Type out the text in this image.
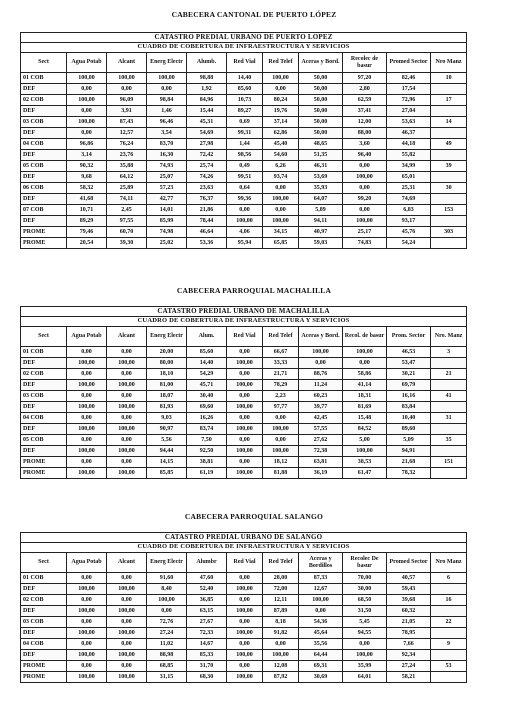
CABECERA CANTONAL DE PUERTO LÓPEZ
CATASTRO PREDIAL URBANO DE PUERTO LOPEZ										
CUADRO DE COBERTURA DE INFRAESTRUCTURA Y SERVICIOS										
Sect	Agua Potab	Alcant	Energ Electr	Alumb.	Red Vial	Red Telef	Aceras y Bord.	Recolec de basur	Promed Sector	Nro Manz
01 COB	100,00	100,00	100,00	98,88	14,40	100,00	50,00	97,20	82,46	10
DEF	0,00	0,00	0,00	1,92	85,60	0,00	50,00	2,80	17,54	
02 COB	100,00	96,09	98,84	84,96	10,73	80,24	50,00	62,59	72,96	17
DEF	0,00	3,91	1,46	15,44	89,27	19,76	50,00	37,41	27,04	
03 COB	100,00	87,43	96,46	45,31	0,69	37,14	50,00	12,00	53,63	14
DEF	0,00	12,57	3,54	54,69	99,31	62,86	50,00	88,00	46,37	
04 COB	96,86	76,24	83,70	27,98	1,44	45,40	48,65	3,60	44,18	49
DEF	3,14	23,76	16,30	72,42	98,56	54,60	51,35	96,40	55,82	
05 COB	90,32	35,88	74,93	25,74	0,49	6,26	46,31	0,00	34,99	39
DEF	9,68	64,12	25,07	74,26	99,51	93,74	53,69	100,00	65,01	
06 COB	58,32	25,89	57,23	23,63	0,64	0,00	35,93	0,00	25,31	30
DEF	41,68	74,11	42,77	76,37	99,36	100,00	64,07	99,20	74,69	
07 COB	10,71	2,45	14,01	21,86	0,00	0,00	5,89	0,00	6,83	153
DEF	89,29	97,55	85,99	78,44	100,00	100,00	94,11	100,00	93,17	
PROME	79,46	60,70	74,98	46,64	4,06	34,15	40,97	25,17	45,76	303
PROME	20,54	39,30	25,02	53,36	95,94	65,85	59,03	74,83	54,24	
CABECERA PARROQUIAL MACHALILLA
CATASTRO PREDIAL URBANO DE MACHALILLA										
CUADRO DE COBERTURA DE INFRAESTRUCTURA Y SERVICIOS										
Sect	Agua Potab	Alcant	Energ Electr	Alum.	Red Vial	Red Telef	Aceras y Bord.	Recol. de basur	Prom. Sector	Nro. Manz
01 COB	0,00	0,00	20,00	85,60	0,00	66,67	100,00	100,00	46,53	3
DEF	100,00	100,00	80,00	14,40	100,00	33,33	0,00	0,00	53,47	
02 COB	0,00	0,00	18,10	54,29	0,00	21,71	88,76	58,86	30,21	21
DEF	100,00	100,00	81,00	45,71	100,00	78,29	11,24	41,14	69,79	
03 COB	0,00	0,00	18,07	30,40	0,00	2,23	60,23	18,31	16,16	41
DEF	100,00	100,00	81,93	69,60	100,00	97,77	39,77	81,69	83,84	
04 COB	0,00	0,00	9,03	16,26	0,00	0,00	42,45	15,48	10,40	31
DEF	100,00	100,00	90,97	83,74	100,00	100,00	57,55	84,52	89,60	
05 COB	0,00	0,00	5,56	7,50	0,00	0,00	27,62	5,00	5,09	35
DEF	100,00	100,00	94,44	92,50	100,00	100,00	72,38	100,00	94,91	
PROME	0,00	0,00	14,15	38,81	0,00	18,12	63,81	38,53	21,68	151
PROME	100,00	100,00	85,85	61,19	100,00	81,88	36,19	61,47	78,32	
CABECERA PARROQUIAL SALANGO
CATASTRO PREDIAL URBANO DE SALANGO										
CUADRO DE COBERTURA DE INFRAESTRUCTURA Y SERVICIOS										
Sect	Agua Potab	Alcant	Energ Electr	Alumbr	Red Vial	Red Telef	Aceras y Bordillos	Recolec De basur	Promed Sector	Nro Manz
01 COB	0,00	0,00	91,60	47,60	0,00	28,00	87,33	70,00	40,57	6
DEF	100,00	100,00	8,40	52,40	100,00	72,00	12,67	30,00	59,43	
02 COB	0,00	0,00	100,00	36,85	0,00	12,11	100,00	68,50	39,68	16
DEF	100,00	100,00	0,00	63,15	100,00	87,89	0,00	31,50	60,32	
03 COB	0,00	0,00	72,76	27,67	0,00	8,18	54,36	5,45	21,05	22
DEF	100,00	100,00	27,24	72,33	100,00	91,82	45,64	94,55	78,95	
04 COB	0,00	0,00	11,02	14,67	0,00	0,00	35,56	0,00	7,66	9
DEF	100,00	100,00	88,98	85,33	100,00	100,00	64,44	100,00	92,34	
PROME	0,00	0,00	68,85	31,70	0,00	12,08	69,31	35,99	27,24	53
PROME	100,00	100,00	31,15	68,30	100,00	87,92	30,69	64,01	58,21	
